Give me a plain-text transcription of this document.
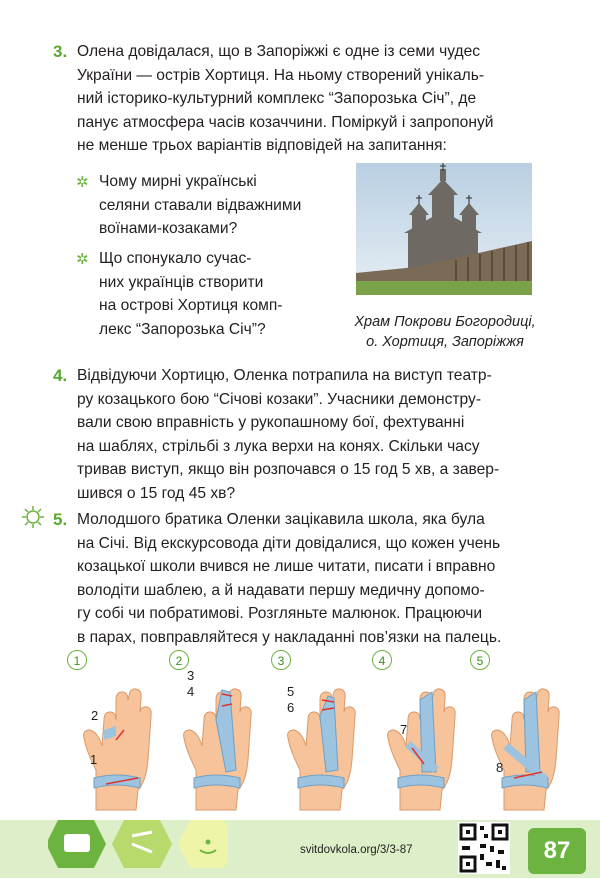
3. Олена довідалася, що в Запоріжжі є одне із семи чудес
України — острів Хортиця. На ньому створений унікаль-
ний історико-культурний комплекс “Запорозька Січ”, де
панує атмосфера часів козаччини. Поміркуй і запропонуй
не менше трьох варіантів відповідей на запитання:
✲ Чому мирні українські
селяни ставали відважними
воїнами-козаками?
✲ Що спонукало сучас-
них українців створити
на острові Хортиця комп-
лекс “Запорозька Січ”?	Храм Покрови Богородиці,
о. Хортиця, Запоріжжя
4. Відвідуючи Хортицю, Оленка потрапила на виступ театр-
ру козацького бою “Січові козаки”. Учасники демонстру-
вали свою вправність у рукопашному бої, фехтуванні
на шаблях, стрільбі з лука верхи на конях. Скільки часу
тривав виступ, якщо він розпочався о 15 год 5 хв, а завер-
шився о 15 год 45 хв?
5. Молодшого братика Оленки зацікавила школа, яка була
на Січі. Від екскурсовода діти довідалися, що кожен учень
козацької школи вчився не лише читати, писати і вправно
володіти шаблею, а й надавати першу медичну допомо-
гу собі чи побратимові. Розгляньте малюнок. Працюючи
в парах, повправляйтеся у накладанні пов’язки на палець.
1	2	3	4	5
1
2
3
4	5
6
7
8
svitdovkola.org/3/3-87	87
